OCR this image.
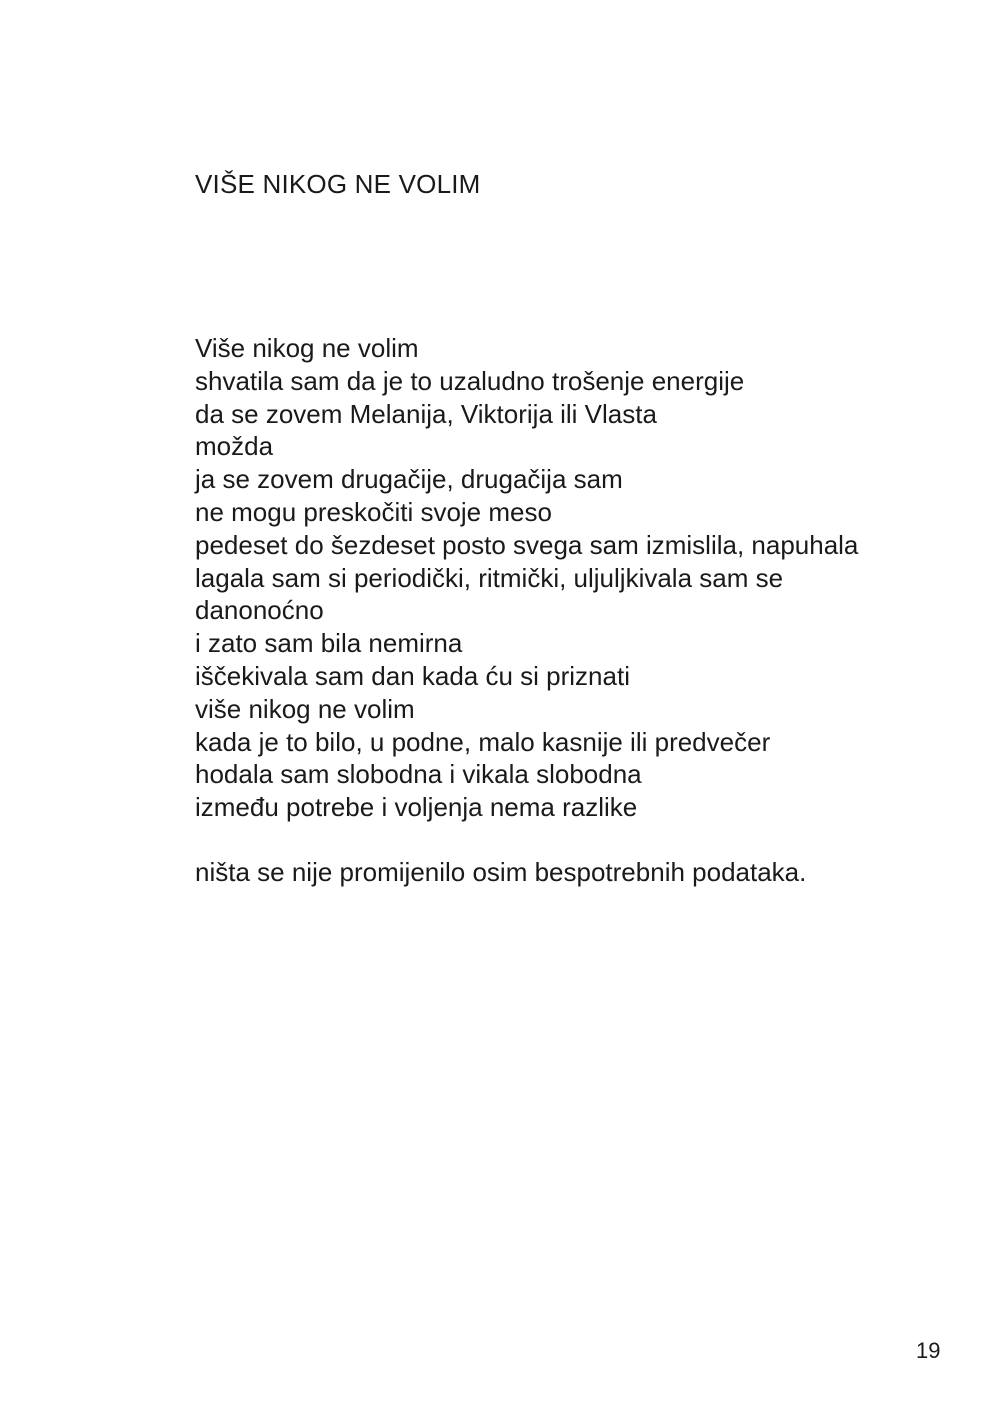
VIŠE NIKOG NE VOLIM
Više nikog ne volim
shvatila sam da je to uzaludno trošenje energije
da se zovem Melanija, Viktorija ili Vlasta
možda
ja se zovem drugačije, drugačija sam
ne mogu preskočiti svoje meso
pedeset do šezdeset posto svega sam izmislila, napuhala
lagala sam si periodički, ritmički, uljuljkivala sam se
danonoćno
i zato sam bila nemirna
iščekivala sam dan kada ću si priznati
više nikog ne volim
kada je to bilo, u podne, malo kasnije ili predvečer
hodala sam slobodna i vikala slobodna
između potrebe i voljenja nema razlike
ništa se nije promijenilo osim bespotrebnih podataka.

19
